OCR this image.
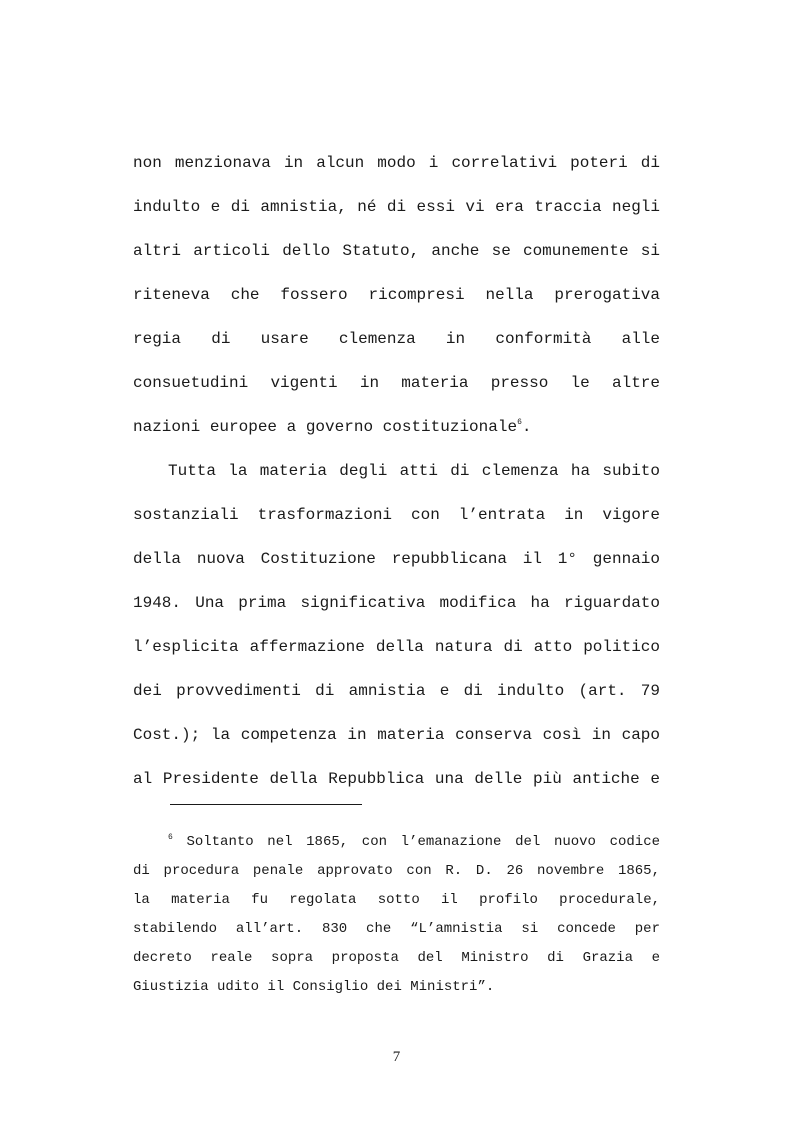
non menzionava in alcun modo i correlativi poteri di
indulto e di amnistia, né di essi vi era traccia negli
altri articoli dello Statuto, anche se comunemente si
riteneva che fossero ricompresi nella prerogativa
regia di usare clemenza in conformità alle
consuetudini vigenti in materia presso le altre
nazioni europee a governo costituzionale$^6$.
Tutta la materia degli atti di clemenza ha subito
sostanziali trasformazioni con l’entrata in vigore
della nuova Costituzione repubblicana il 1° gennaio
1948. Una prima significativa modifica ha riguardato
l’esplicita affermazione della natura di atto politico
dei provvedimenti di amnistia e di indulto (art. 79
Cost.); la competenza in materia conserva così in capo
al Presidente della Repubblica una delle più antiche e
$^6$ Soltanto nel 1865, con l’emanazione del nuovo codice
di procedura penale approvato con R. D. 26 novembre 1865,
la materia fu regolata sotto il profilo procedurale,
stabilendo all’art. 830 che “L’amnistia si concede per
decreto reale sopra proposta del Ministro di Grazia e
Giustizia udito il Consiglio dei Ministri”.
7
